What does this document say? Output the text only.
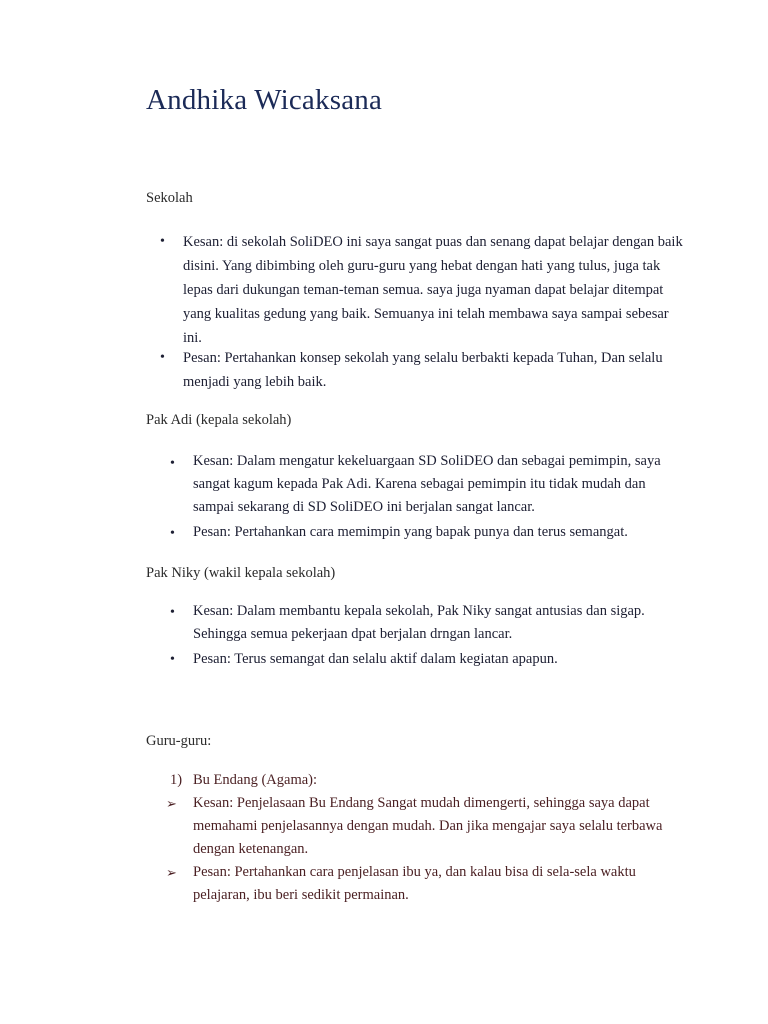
Andhika Wicaksana
Sekolah
• Kesan: di sekolah SoliDEO ini saya sangat puas dan senang dapat belajar dengan baik
disini. Yang dibimbing oleh guru-guru yang hebat dengan hati yang tulus, juga tak
lepas dari dukungan teman-teman semua. saya juga nyaman dapat belajar ditempat
yang kualitas gedung yang baik. Semuanya ini telah membawa saya sampai sebesar
ini.
• Pesan: Pertahankan konsep sekolah yang selalu berbakti kepada Tuhan, Dan selalu
menjadi yang lebih baik.
Pak Adi (kepala sekolah)
• Kesan: Dalam mengatur kekeluargaan SD SoliDEO dan sebagai pemimpin, saya
sangat kagum kepada Pak Adi. Karena sebagai pemimpin itu tidak mudah dan
sampai sekarang di SD SoliDEO ini berjalan sangat lancar.
• Pesan: Pertahankan cara memimpin yang bapak punya dan terus semangat.
Pak Niky (wakil kepala sekolah)
• Kesan: Dalam membantu kepala sekolah, Pak Niky sangat antusias dan sigap.
Sehingga semua pekerjaan dpat berjalan drngan lancar.
• Pesan: Terus semangat dan selalu aktif dalam kegiatan apapun.
Guru-guru:
1) Bu Endang (Agama):
➢ Kesan: Penjelasaan Bu Endang Sangat mudah dimengerti, sehingga saya dapat
memahami penjelasannya dengan mudah. Dan jika mengajar saya selalu terbawa
dengan ketenangan.
➢ Pesan: Pertahankan cara penjelasan ibu ya, dan kalau bisa di sela-sela waktu
pelajaran, ibu beri sedikit permainan.
